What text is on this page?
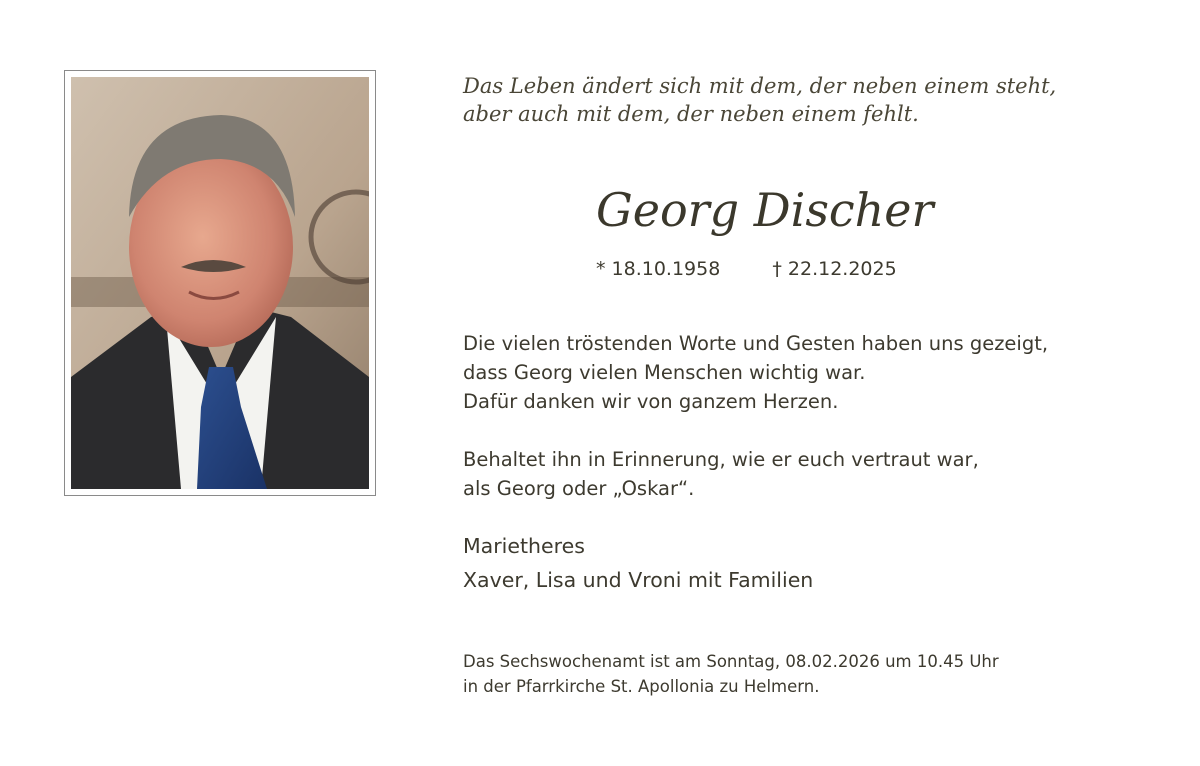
Das Leben ändert sich mit dem, der neben einem steht,
aber auch mit dem, der neben einem fehlt.
Georg Discher
* 18.10.1958	† 22.12.2025
Die vielen tröstenden Worte und Gesten haben uns gezeigt,
dass Georg vielen Menschen wichtig war.
Dafür danken wir von ganzem Herzen.
Behaltet ihn in Erinnerung, wie er euch vertraut war,
als Georg oder „Oskar“.
Marietheres
Xaver, Lisa und Vroni mit Familien
Das Sechswochenamt ist am Sonntag, 08.02.2026 um 10.45 Uhr
in der Pfarrkirche St. Apollonia zu Helmern.
